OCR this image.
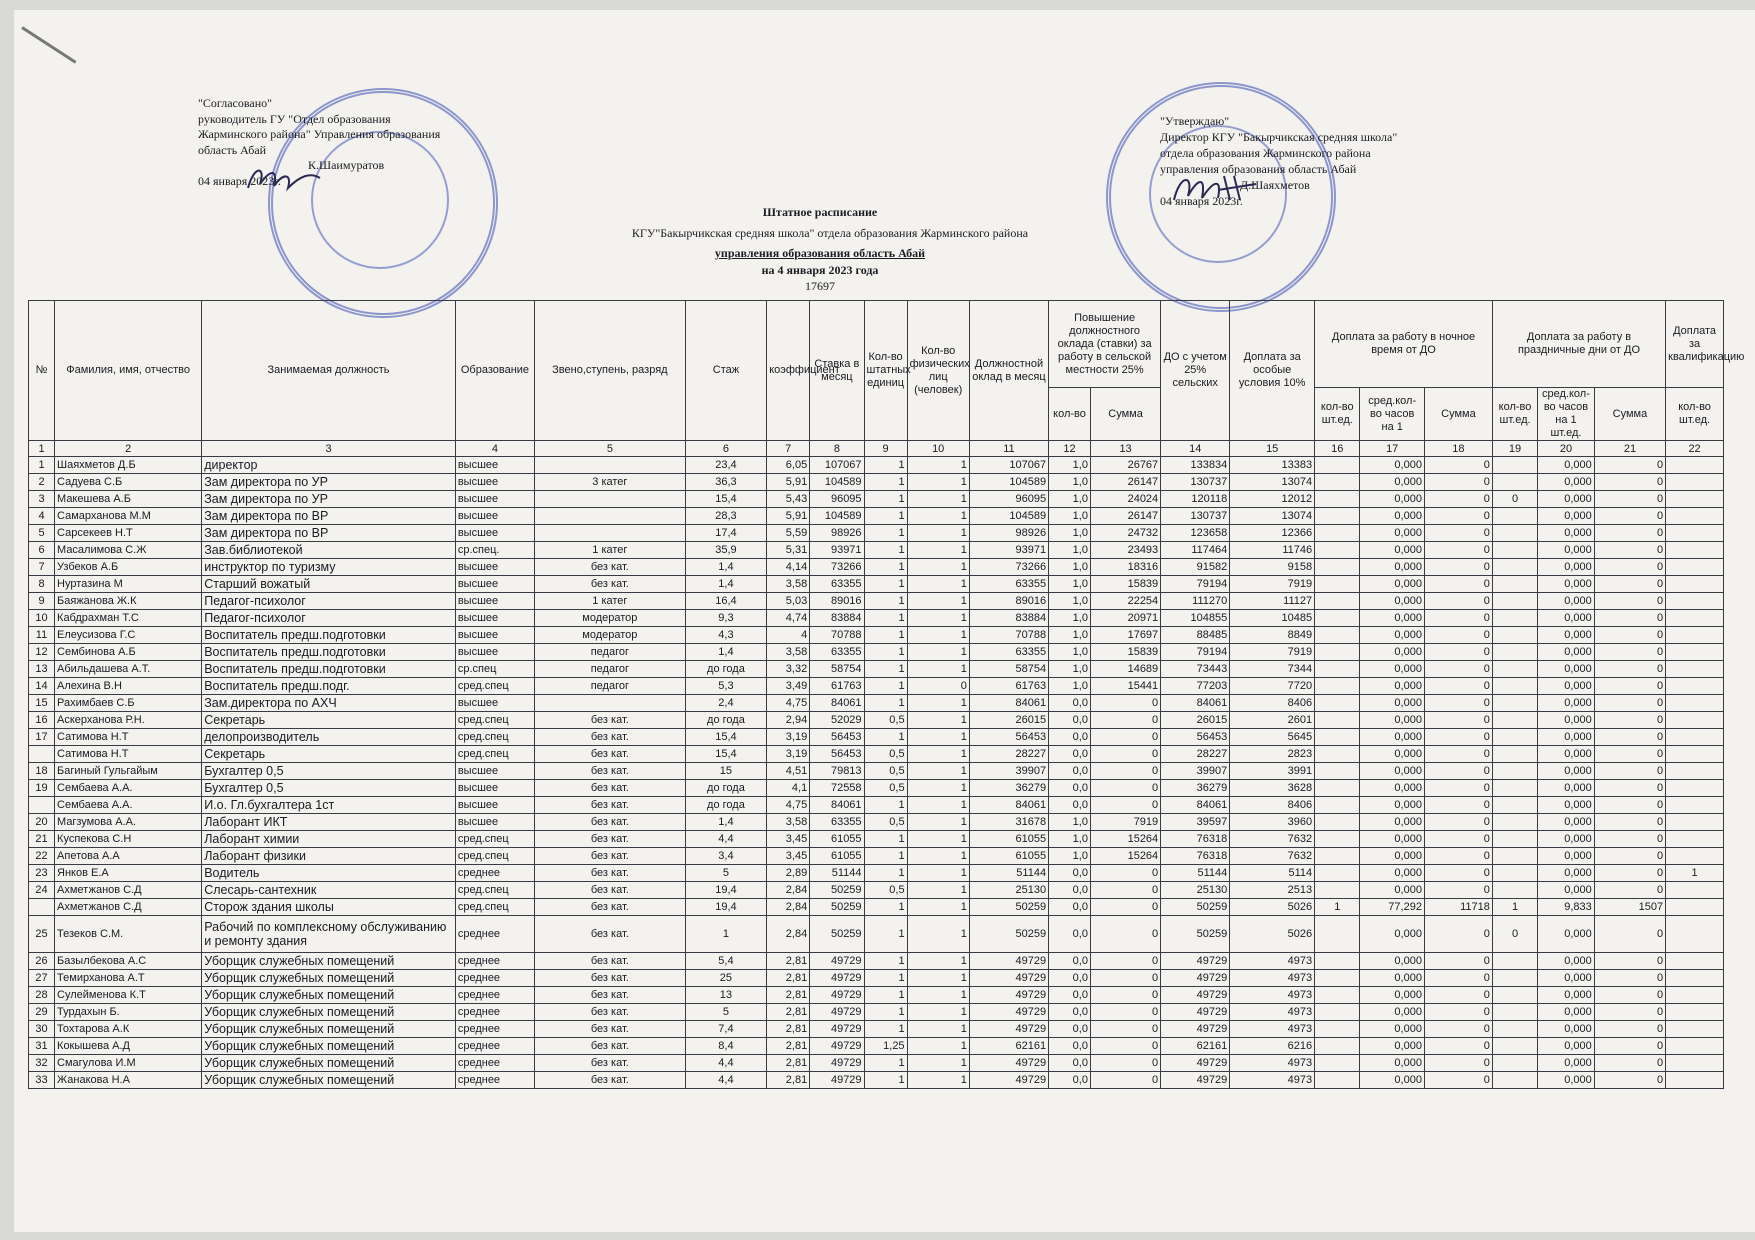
"Согласовано"
руководитель ГУ "Отдел образования
Жарминского района" Управления образования
область Абай
К.Шаимуратов
04 января 2023г.
"Утверждаю"
Директор КГУ "Бакырчикская средняя школа"
отдела образования Жарминского района
управления образования область Абай
Д.Шаяхметов
04 января 2023г.
Штатное расписание
КГУ"Бакырчикская средняя школа" отдела образования Жарминского района
управления образования область Абай
на 4 января 2023 года
17697
№	Фамилия, имя, отчество	Занимаемая должность	Образование	Звено,ступень, разряд	Стаж	коэффициент	Ставка в месяц	Кол-во штатных единиц	Кол-во физических лиц (человек)	Должностной оклад в месяц	Повышение должностного оклада (ставки) за работу в сельской местности 25%		ДО с учетом 25% сельских	Доплата за особые условия 10%	Доплата за работу в ночное время от ДО			Доплата за работу в праздничные дни от ДО			Доплата за квалификацию
											кол-во	Сумма			кол-во шт.ед.	сред.кол-во часов на 1	Сумма	кол-во шт.ед.	сред.кол-во часов на 1 шт.ед.	Сумма	кол-во шт.ед.
1	2	3	4	5	6	7	8	9	10	11	12	13	14	15	16	17	18	19	20	21	22
1	Шаяхметов Д.Б	директор	высшее			23,4	6,05	107067	1	1	107067	1,0	26767	133834	13383		0,000	0		0,000	0	
2	Садуева С.Б	Зам директора по УР	высшее	3 катег		36,3	5,91	104589	1	1	104589	1,0	26147	130737	13074		0,000	0		0,000	0	
3	Макешева А.Б	Зам директора по УР	высшее			15,4	5,43	96095	1	1	96095	1,0	24024	120118	12012		0,000	0	0	0,000	0	
4	Самарханова М.М	Зам директора по ВР	высшее			28,3	5,91	104589	1	1	104589	1,0	26147	130737	13074		0,000	0		0,000	0	
5	Сарсекеев Н.Т	Зам директора по ВР	высшее			17,4	5,59	98926	1	1	98926	1,0	24732	123658	12366		0,000	0		0,000	0	
6	Масалимова С.Ж	Зав.библиотекой	ср.спец.	1 катег		35,9	5,31	93971	1	1	93971	1,0	23493	117464	11746		0,000	0		0,000	0	
7	Узбеков А.Б	инструктор по туризму	высшее	без кат.		1,4	4,14	73266	1	1	73266	1,0	18316	91582	9158		0,000	0		0,000	0	
8	Нуртазина М	Старший вожатый	высшее	без кат.		1,4	3,58	63355	1	1	63355	1,0	15839	79194	7919		0,000	0		0,000	0	
9	Баяжанова Ж.К	Педагог-психолог	высшее	1 катег		16,4	5,03	89016	1	1	89016	1,0	22254	111270	11127		0,000	0		0,000	0	
10	Кабдрахман Т.С	Педагог-психолог	высшее	модератор		9,3	4,74	83884	1	1	83884	1,0	20971	104855	10485		0,000	0		0,000	0	
11	Елеусизова Г.С	Воспитатель предш.подготовки	высшее	модератор		4,3	4	70788	1	1	70788	1,0	17697	88485	8849		0,000	0		0,000	0	
12	Сембинова А.Б	Воспитатель предш.подготовки	высшее	педагог		1,4	3,58	63355	1	1	63355	1,0	15839	79194	7919		0,000	0		0,000	0	
13	Абильдашева А.Т.	Воспитатель предш.подготовки	ср.спец	педагог		до года	3,32	58754	1	1	58754	1,0	14689	73443	7344		0,000	0		0,000	0	
14	Алехина В.Н	Воспитатель предш.подг.	сред.спец	педагог		5,3	3,49	61763	1	0	61763	1,0	15441	77203	7720		0,000	0		0,000	0	
15	Рахимбаев С.Б	Зам.директора по АХЧ	высшее			2,4	4,75	84061	1	1	84061	0,0	0	84061	8406		0,000	0		0,000	0	
16	Аскерханова Р.Н.	Секретарь	сред.спец	без кат.		до года	2,94	52029	0,5	1	26015	0,0	0	26015	2601		0,000	0		0,000	0	
17	Сатимова Н.Т	делопроизводитель	сред.спец	без кат.		15,4	3,19	56453	1	1	56453	0,0	0	56453	5645		0,000	0		0,000	0	
	Сатимова Н.Т	Секретарь	сред.спец	без кат.		15,4	3,19	56453	0,5	1	28227	0,0	0	28227	2823		0,000	0		0,000	0	
18	Багиный Гульгайым	Бухгалтер 0,5	высшее	без кат.		15	4,51	79813	0,5	1	39907	0,0	0	39907	3991		0,000	0		0,000	0	
19	Сембаева А.А.	Бухгалтер 0,5	высшее	без кат.		до года	4,1	72558	0,5	1	36279	0,0	0	36279	3628		0,000	0		0,000	0	
	Сембаева А.А.	И.о. Гл.бухгалтера 1ст	высшее	без кат.		до года	4,75	84061	1	1	84061	0,0	0	84061	8406		0,000	0		0,000	0	
20	Магзумова А.А.	Лаборант ИКТ	высшее	без кат.		1,4	3,58	63355	0,5	1	31678	1,0	7919	39597	3960		0,000	0		0,000	0	
21	Куспекова С.Н	Лаборант химии	сред.спец	без кат.		4,4	3,45	61055	1	1	61055	1,0	15264	76318	7632		0,000	0		0,000	0	
22	Апетова А.А	Лаборант физики	сред.спец	без кат.		3,4	3,45	61055	1	1	61055	1,0	15264	76318	7632		0,000	0		0,000	0	
23	Янков Е.А	Водитель	среднее	без кат.		5	2,89	51144	1	1	51144	0,0	0	51144	5114		0,000	0		0,000	0	1
24	Ахметжанов С.Д	Слесарь-сантехник	сред.спец	без кат.		19,4	2,84	50259	0,5	1	25130	0,0	0	25130	2513		0,000	0		0,000	0	
	Ахметжанов С.Д	Сторож здания школы	сред.спец	без кат.		19,4	2,84	50259	1	1	50259	0,0	0	50259	5026	1	77,292	11718	1	9,833	1507	
25	Тезеков С.М.	Рабочий по комплексному обслуживанию и ремонту здания	среднее	без кат.		1	2,84	50259	1	1	50259	0,0	0	50259	5026		0,000	0	0	0,000	0	
26	Базылбекова А.С	Уборщик служебных помещений	среднее	без кат.		5,4	2,81	49729	1	1	49729	0,0	0	49729	4973		0,000	0		0,000	0	
27	Темирханова А.Т	Уборщик служебных помещений	среднее	без кат.		25	2,81	49729	1	1	49729	0,0	0	49729	4973		0,000	0		0,000	0	
28	Сулейменова К.Т	Уборщик служебных помещений	среднее	без кат.		13	2,81	49729	1	1	49729	0,0	0	49729	4973		0,000	0		0,000	0	
29	Турдахын Б.	Уборщик служебных помещений	среднее	без кат.		5	2,81	49729	1	1	49729	0,0	0	49729	4973		0,000	0		0,000	0	
30	Тохтарова А.К	Уборщик служебных помещений	среднее	без кат.		7,4	2,81	49729	1	1	49729	0,0	0	49729	4973		0,000	0		0,000	0	
31	Кокышева А.Д	Уборщик служебных помещений	среднее	без кат.		8,4	2,81	49729	1,25	1	62161	0,0	0	62161	6216		0,000	0		0,000	0	
32	Смагулова И.М	Уборщик служебных помещений	среднее	без кат.		4,4	2,81	49729	1	1	49729	0,0	0	49729	4973		0,000	0		0,000	0	
33	Жанакова Н.А	Уборщик служебных помещений	среднее	без кат.		4,4	2,81	49729	1	1	49729	0,0	0	49729	4973		0,000	0		0,000	0	
